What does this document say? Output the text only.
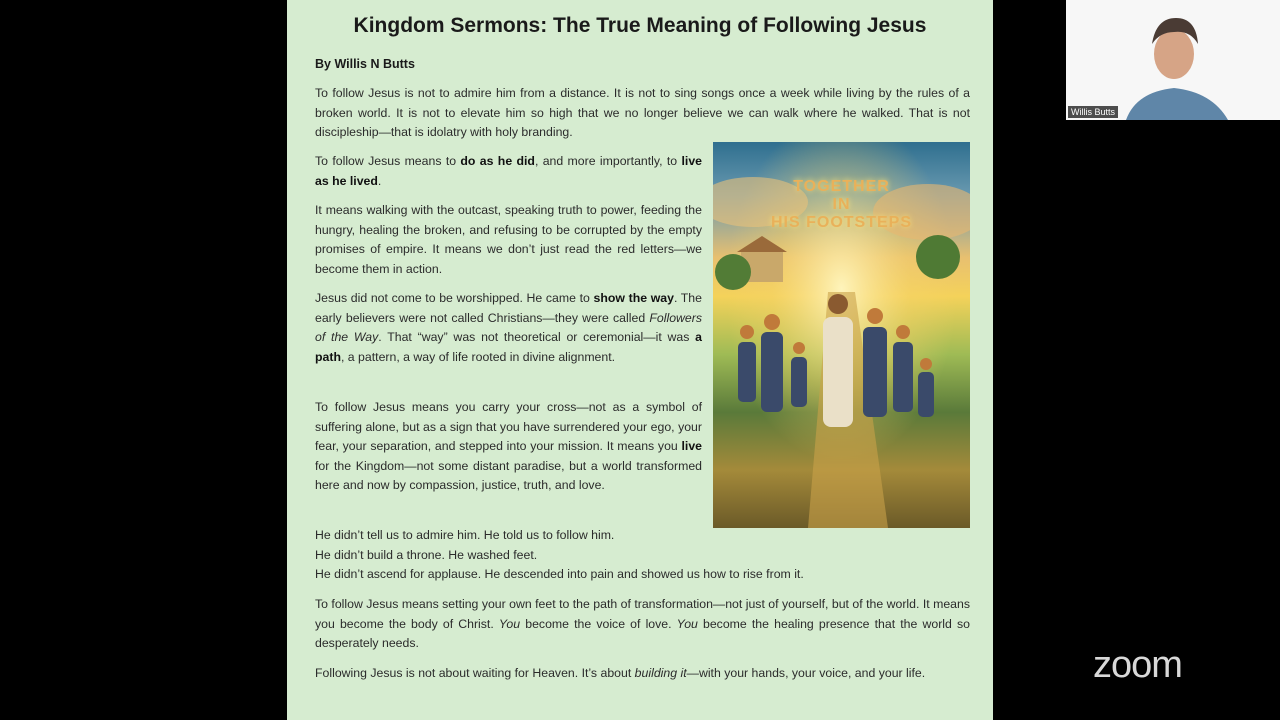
Kingdom Sermons: The True Meaning of Following Jesus
By Willis N Butts

To follow Jesus is not to admire him from a distance. It is not to sing songs once a week while living by the rules of a broken world. It is not to elevate him so high that we no longer believe we can walk where he walked. That is not discipleship—that is idolatry with holy branding.

To follow Jesus means to do as he did, and more importantly, to live as he lived.

It means walking with the outcast, speaking truth to power, feeding the hungry, healing the broken, and refusing to be corrupted by the empty promises of empire. It means we don’t just read the red letters—we become them in action.

Jesus did not come to be worshipped. He came to show the way. The early believers were not called Christians—they were called Followers of the Way. That “way” was not theoretical or ceremonial—it was a path, a pattern, a way of life rooted in divine alignment.

To follow Jesus means you carry your cross—not as a symbol of suffering alone, but as a sign that you have surrendered your ego, your fear, your separation, and stepped into your mission. It means you live for the Kingdom—not some distant paradise, but a world transformed here and now by compassion, justice, truth, and love.

He didn’t tell us to admire him. He told us to follow him.
He didn’t build a throne. He washed feet.
He didn’t ascend for applause. He descended into pain and showed us how to rise from it.

To follow Jesus means setting your own feet to the path of transformation—not just of yourself, but of the world. It means you become the body of Christ. You become the voice of love. You become the healing presence that the world so desperately needs.

Following Jesus is not about waiting for Heaven. It’s about building it—with your hands, your voice, and your life.

TOGETHER
IN
HIS FOOTSTEPS
Willis Butts
zoom
